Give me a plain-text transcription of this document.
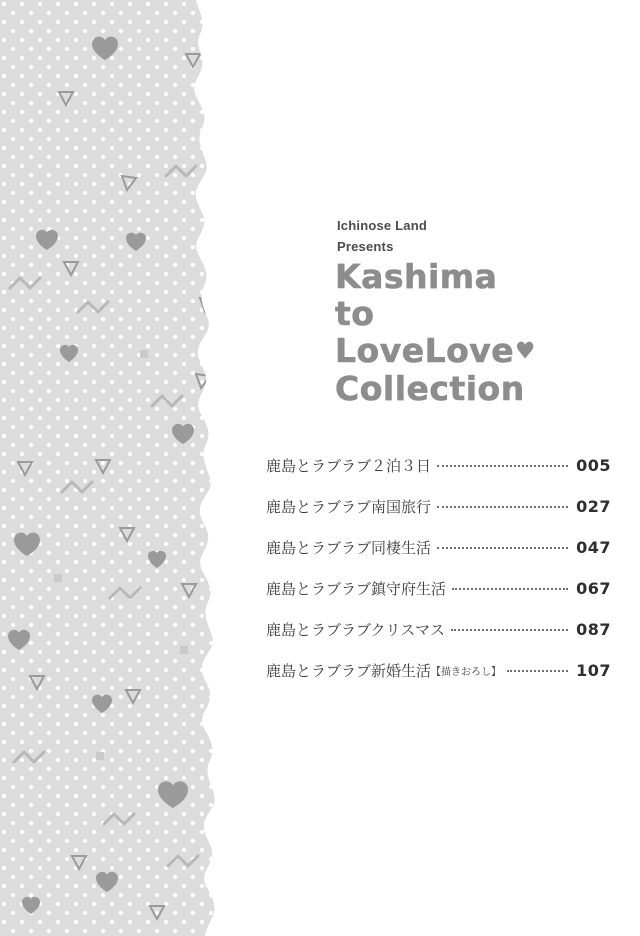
Ichinose Land
Presents
Kashima
to
LoveLove♥
Collection
鹿島とラブラブ２泊３日	005
鹿島とラブラブ南国旅行	027
鹿島とラブラブ同棲生活	047
鹿島とラブラブ鎮守府生活	067
鹿島とラブラブクリスマス	087
鹿島とラブラブ新婚生活【描きおろし】	107
